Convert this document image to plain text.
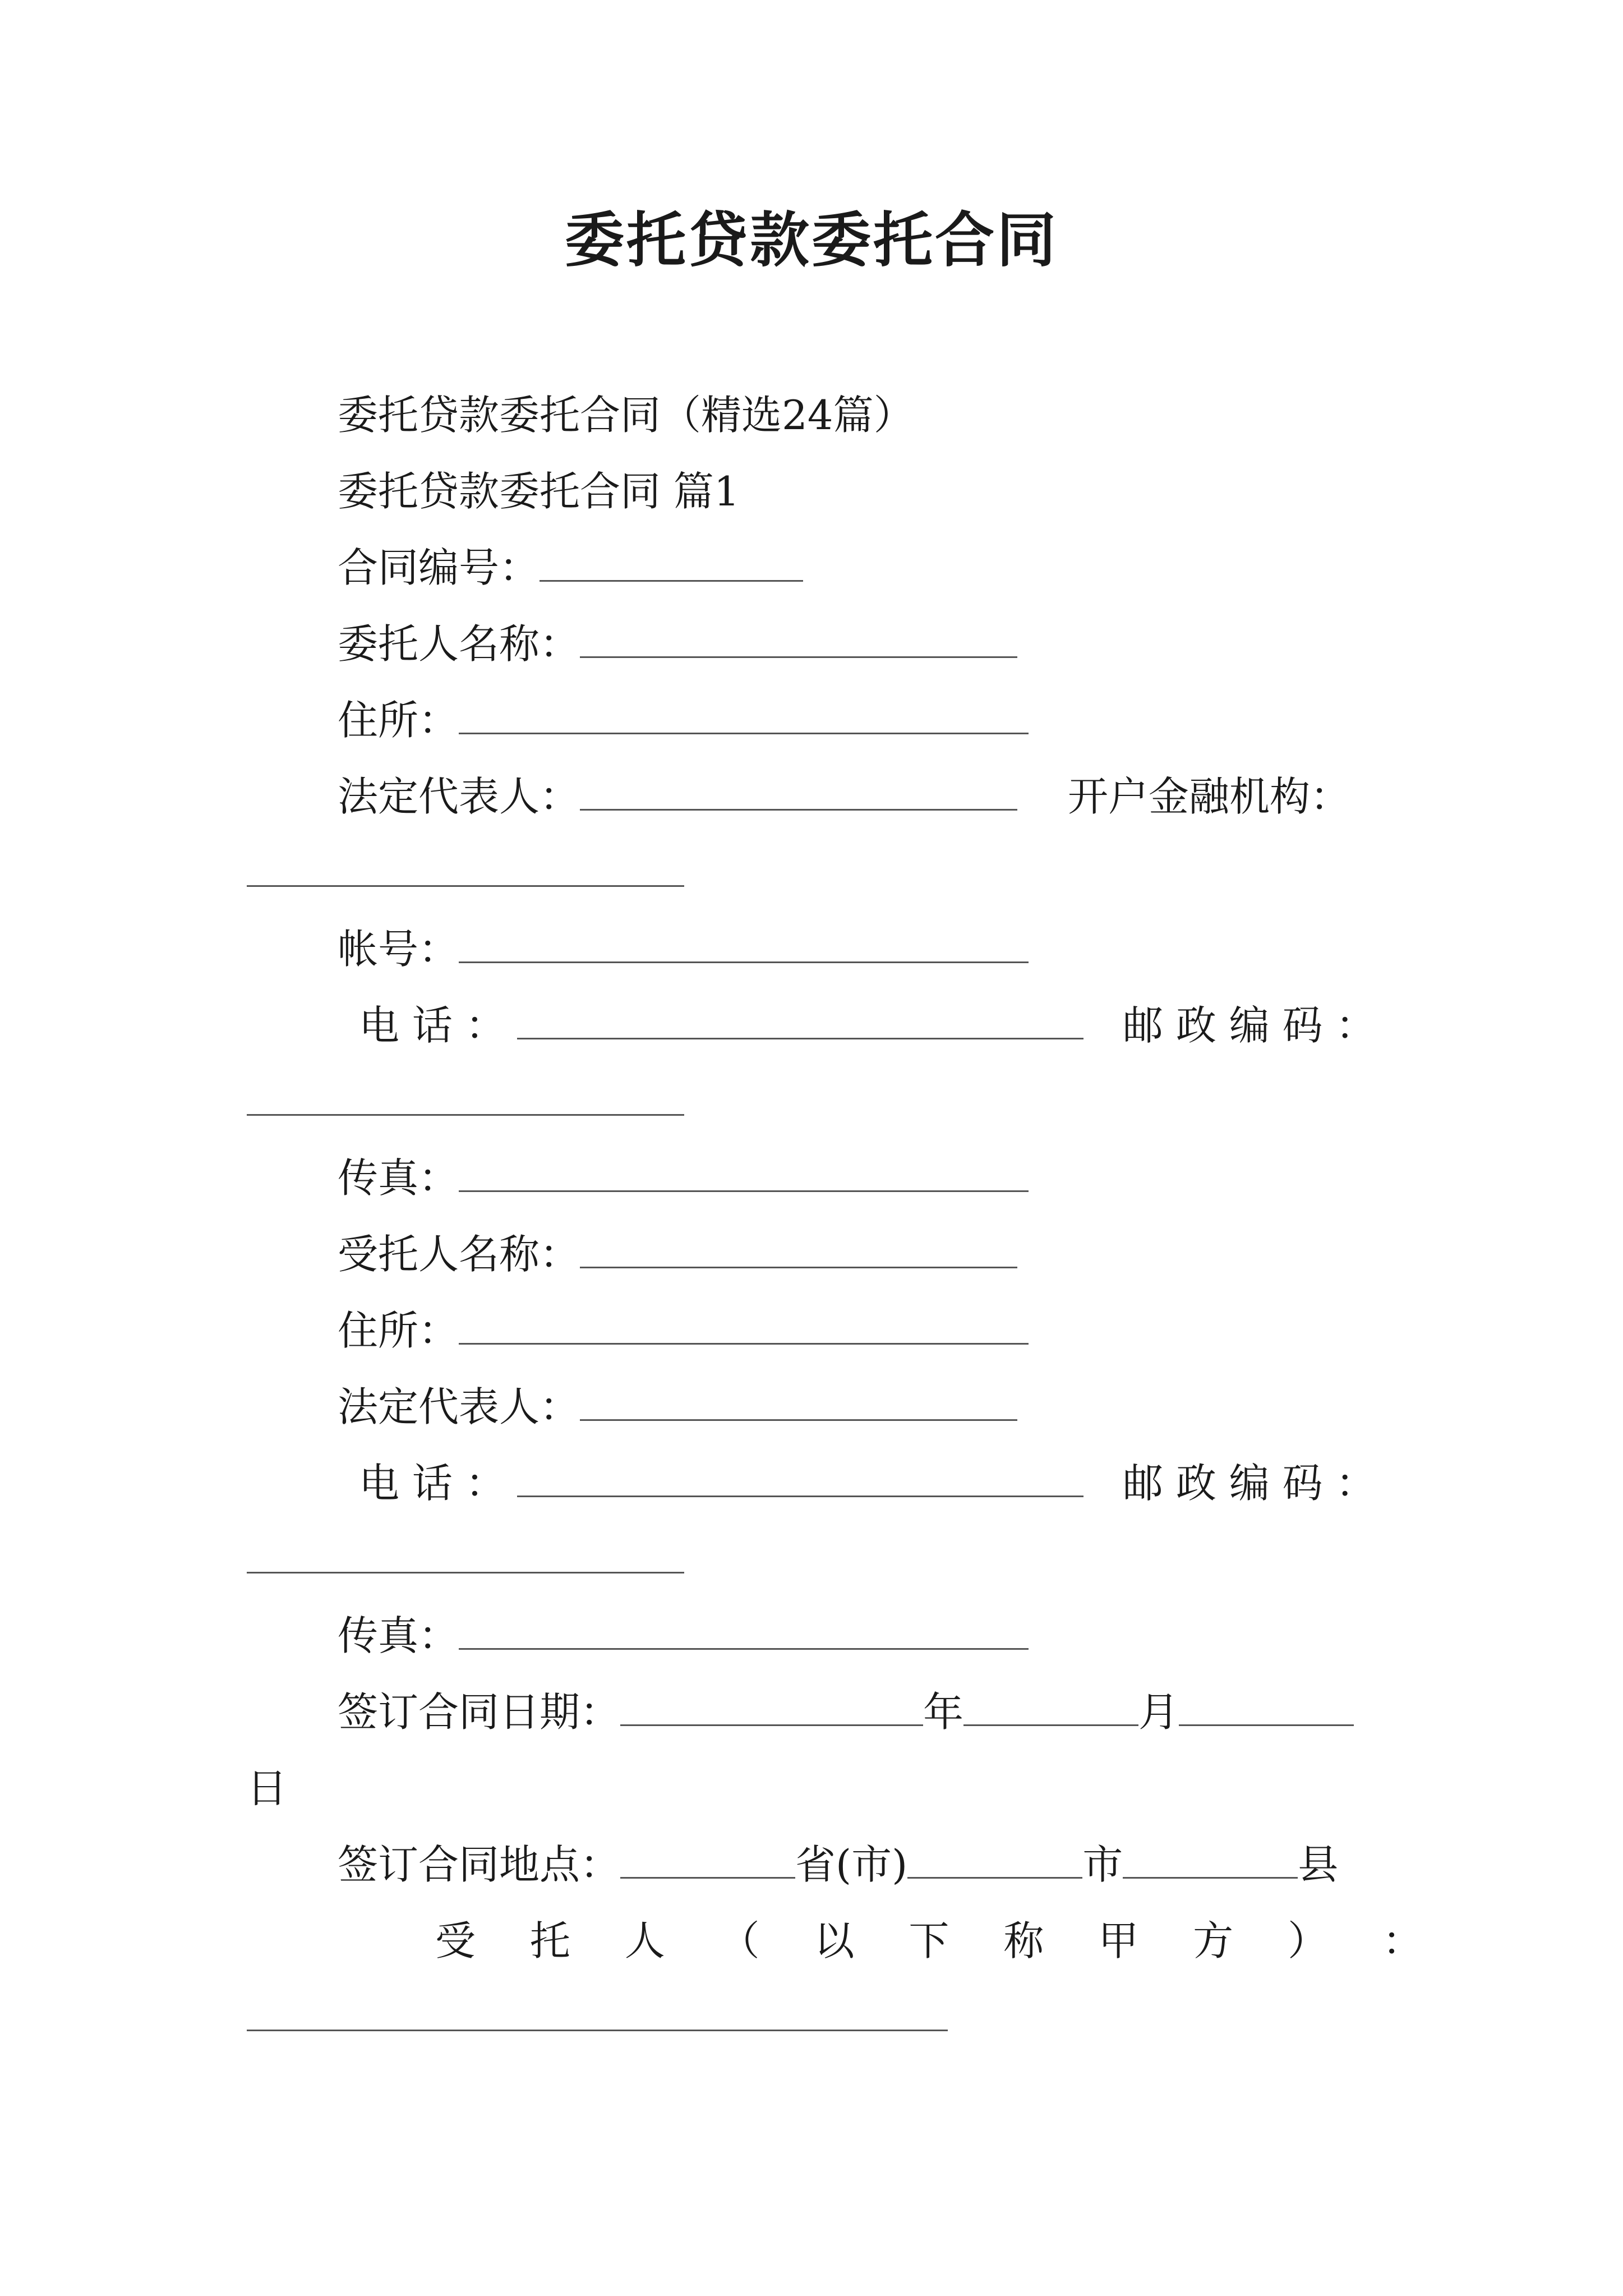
委托贷款委托合同
委托贷款委托合同（精选24篇）
委托贷款委托合同 篇1
合同编号：
委托人名称：
住所：
法定代表人：	开户金融机构：
帐号：
电 话 ：	邮 政 编 码 ：
传真：
受托人名称：
住所：
法定代表人：
电 话 ：	邮 政 编 码 ：
传真：
签订合同日期：	年	月
日
签订合同地点：	省(市)	市	县
受 托 人 （ 以 下 称 甲 方 ） ：
